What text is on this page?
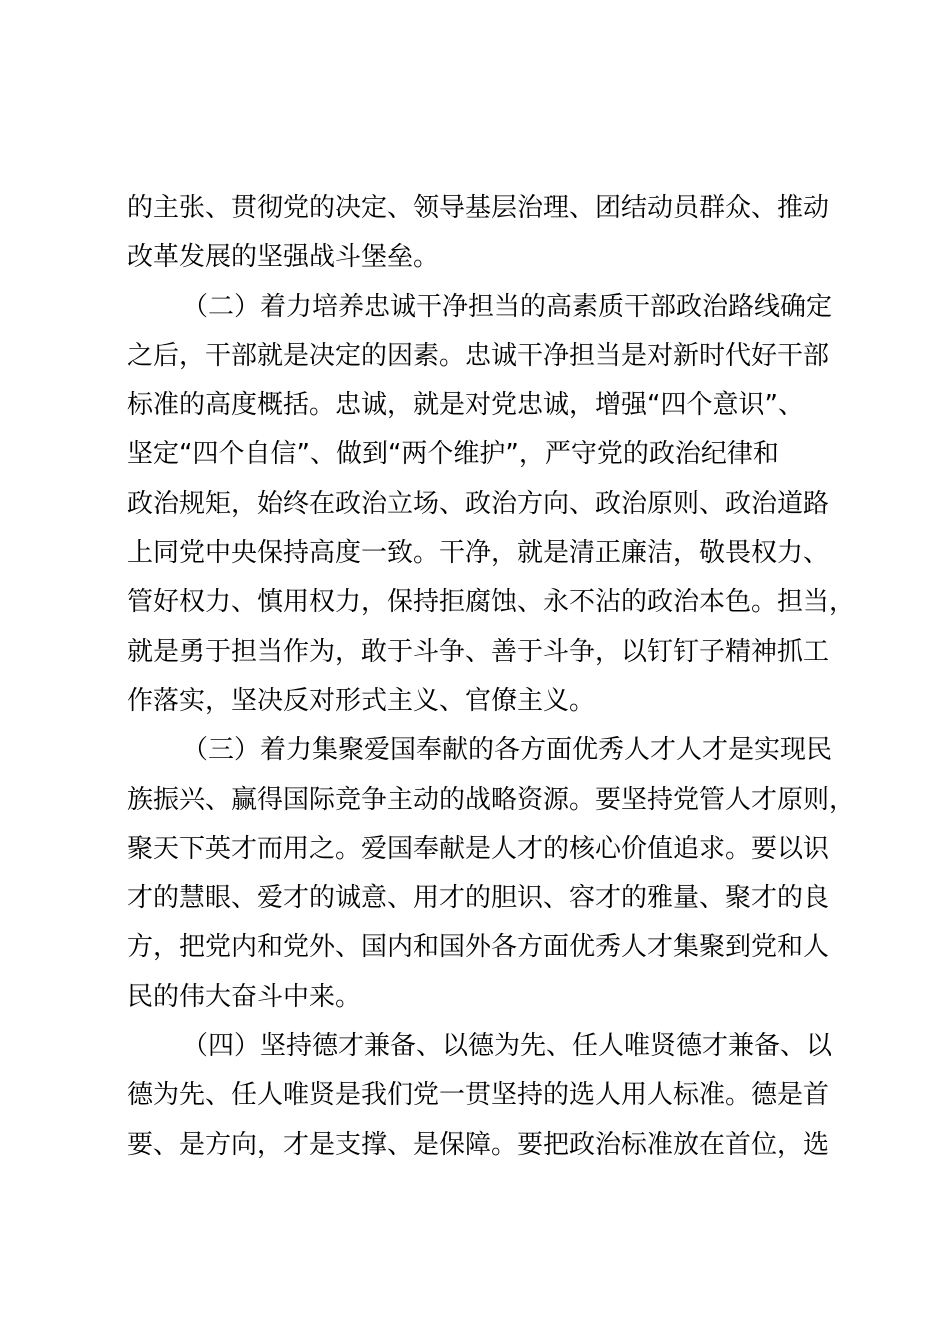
的主张、贯彻党的决定、领导基层治理、团结动员群众、推动
改革发展的坚强战斗堡垒。
（二）着力培养忠诚干净担当的高素质干部政治路线确定
之后，干部就是决定的因素。忠诚干净担当是对新时代好干部
标准的高度概括。忠诚，就是对党忠诚，增强“四个意识”、
坚定“四个自信”、做到“两个维护”，严守党的政治纪律和
政治规矩，始终在政治立场、政治方向、政治原则、政治道路
上同党中央保持高度一致。干净，就是清正廉洁，敬畏权力、
管好权力、慎用权力，保持拒腐蚀、永不沾的政治本色。担当，
就是勇于担当作为，敢于斗争、善于斗争，以钉钉子精神抓工
作落实，坚决反对形式主义、官僚主义。
（三）着力集聚爱国奉献的各方面优秀人才人才是实现民
族振兴、赢得国际竞争主动的战略资源。要坚持党管人才原则，
聚天下英才而用之。爱国奉献是人才的核心价值追求。要以识
才的慧眼、爱才的诚意、用才的胆识、容才的雅量、聚才的良
方，把党内和党外、国内和国外各方面优秀人才集聚到党和人
民的伟大奋斗中来。
（四）坚持德才兼备、以德为先、任人唯贤德才兼备、以
德为先、任人唯贤是我们党一贯坚持的选人用人标准。德是首
要、是方向，才是支撑、是保障。要把政治标准放在首位，选
